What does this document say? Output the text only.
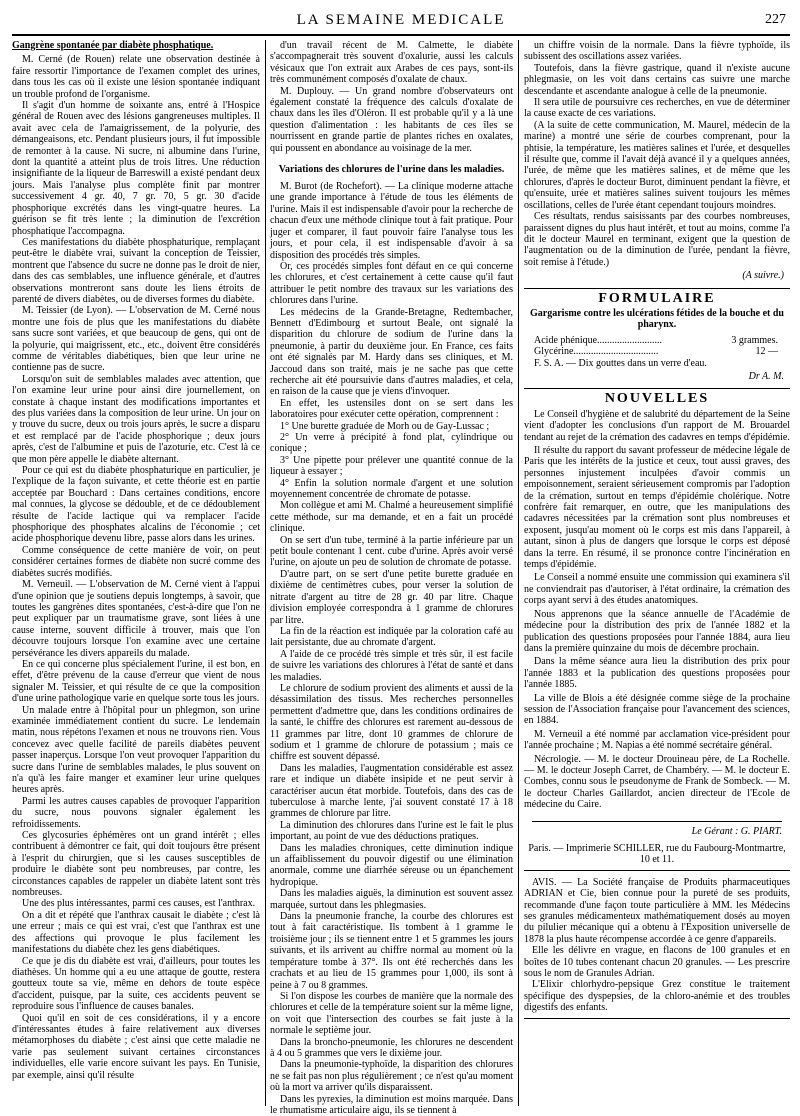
LA SEMAINE MEDICALE	227

Gangrène spontanée par diabète phosphatique.

M. Cerné (de Rouen) relate une observation destinée à faire ressortir l'importance de l'examen complet des urines, dans tous les cas où il existe une lésion spontanée indiquant un trouble profond de l'organisme.

Il s'agit d'un homme de soixante ans, entré à l'Hospice général de Rouen avec des lésions gangreneuses multiples. Il avait avec cela de l'amaigrissement, de la polyurie, des démangeaisons, etc. Pendant plusieurs jours, il fut impossible de remonter à la cause. Ni sucre, ni albumine dans l'urine, dont la quantité a atteint plus de trois litres. Une réduction insignifiante de la liqueur de Barreswill a existé pendant deux jours. Mais l'analyse plus complète finit par montrer successivement 4 gr. 40, 7 gr. 70, 5 gr. 30 d'acide phosphorique excrétés dans les vingt-quatre heures. La guérison se fit très lente ; la diminution de l'excrétion phosphatique l'accompagna.

Ces manifestations du diabète phosphaturique, remplaçant peut-être le diabète vrai, suivant la conception de Teissier, montrent que l'absence du sucre ne donne pas le droit de nier, dans des cas semblables, une influence générale, et d'autres observations montreront sans doute les liens étroits de parenté de divers diabètes, ou de diverses formes du diabète.

M. Teissier (de Lyon). — L'observation de M. Cerné nous montre une fois de plus que les manifestations du diabète sans sucre sont variées, et que beaucoup de gens, qui ont de la polyurie, qui maigrissent, etc., etc., doivent être considérés comme de véritables diabétiques, bien que leur urine ne contienne pas de sucre.

Lorsqu'on suit de semblables malades avec attention, que l'on examine leur urine pour ainsi dire journellement, on constate à chaque instant des modifications importantes et des plus variées dans la composition de leur urine. Un jour on y trouve du sucre, deux ou trois jours après, le sucre a disparu et est remplacé par de l'acide phosphorique ; deux jours après, c'est de l'albumine et puis de l'azoturie, etc. C'est là ce que mon père appelle le diabète alternant.

Pour ce qui est du diabète phosphaturique en particulier, je l'explique de la façon suivante, et cette théorie est en partie acceptée par Bouchard : Dans certaines conditions, encore mal connues, la glycose se dédouble, et de ce dédoublement résulte de l'acide lactique qui va remplacer l'acide phosphorique des phosphates alcalins de l'économie ; cet acide phosphorique devenu libre, passe alors dans les urines.

Comme conséquence de cette manière de voir, on peut considérer certaines formes de diabète non sucré comme des diabètes sucrés modifiés.

M. Verneuil. — L'observation de M. Cerné vient à l'appui d'une opinion que je soutiens depuis longtemps, à savoir, que toutes les gangrènes dites spontanées, c'est-à-dire que l'on ne peut expliquer par un traumatisme grave, sont liées à une cause interne, souvent difficile à trouver, mais que l'on découvre toujours lorsque l'on examine avec une certaine persévérance les divers appareils du malade.

En ce qui concerne plus spécialement l'urine, il est bon, en effet, d'être prévenu de la cause d'erreur que vient de nous signaler M. Teissier, et qui résulte de ce que la composition d'une urine pathologique varie en quelque sorte tous les jours.

Un malade entre à l'hôpital pour un phlegmon, son urine examinée immédiatement contient du sucre. Le lendemain matin, nous répétons l'examen et nous ne trouvons rien. Vous concevez avec quelle facilité de pareils diabètes peuvent passer inaperçus. Lorsque l'on veut provoquer l'apparition du sucre dans l'urine de semblables malades, le plus souvent on n'a qu'à les faire manger et examiner leur urine quelques heures après.

Parmi les autres causes capables de provoquer l'apparition du sucre, nous pouvons signaler également les refroidissements.

Ces glycosuries éphémères ont un grand intérêt ; elles contribuent à démontrer ce fait, qui doit toujours être présent à l'esprit du chirurgien, que si les causes susceptibles de produire le diabète sont peu nombreuses, par contre, les circonstances capables de rappeler un diabète latent sont très nombreuses.

Une des plus intéressantes, parmi ces causes, est l'anthrax.

On a dit et répété que l'anthrax causait le diabète ; c'est là une erreur ; mais ce qui est vrai, c'est que l'anthrax est une des affections qui provoque le plus facilement les manifestations du diabète chez les gens diabétiques.

Ce que je dis du diabète est vrai, d'ailleurs, pour toutes les diathèses. Un homme qui a eu une attaque de goutte, restera goutteux toute sa vie, même en dehors de toute espèce d'accident, puisque, par la suite, ces accidents peuvent se reproduire sous l'influence de causes banales.

Quoi qu'il en soit de ces considérations, il y a encore d'intéressantes études à faire relativement aux diverses métamorphoses du diabète ; c'est ainsi que cette maladie ne varie pas seulement suivant certaines circonstances individuelles, elle varie encore suivant les pays. En Tunisie, par exemple, ainsi qu'il résulte

d'un travail récent de M. Calmette, le diabète s'accompagnerait très souvent d'oxalurie, aussi les calculs vésicaux que l'on extrait aux Arabes de ces pays, sont-ils très communément composés d'oxalate de chaux.

M. Duplouy. — Un grand nombre d'observateurs ont également constaté la fréquence des calculs d'oxalate de chaux dans les îles d'Oléron. Il est probable qu'il y a là une question d'alimentation : les habitants de ces îles se nourrissent en grande partie de plantes riches en oxalates, qui poussent en abondance au voisinage de la mer.

Variations des chlorures de l'urine dans les maladies.

M. Burot (de Rochefort). — La clinique moderne attache une grande importance à l'étude de tous les éléments de l'urine. Mais il est indispensable d'avoir pour la recherche de chacun d'eux une méthode clinique tout à fait pratique. Pour juger et comparer, il faut pouvoir faire l'analyse tous les jours, et pour cela, il est indispensable d'avoir à sa disposition des procédés très simples.

Or, ces procédés simples font défaut en ce qui concerne les chlorures, et c'est certainement à cette cause qu'il faut attribuer le petit nombre des travaux sur les variations des chlorures dans l'urine.

Les médecins de la Grande-Bretagne, Redtembacher, Bennett d'Edimbourg et surtout Beale, ont signalé la disparition du chlorure de sodium de l'urine dans la pneumonie, à partir du deuxième jour. En France, ces faits ont été signalés par M. Hardy dans ses cliniques, et M. Jaccoud dans son traité, mais je ne sache pas que cette recherche ait été poursuivie dans d'autres maladies, et cela, en raison de la cause que je viens d'invoquer.

En effet, les ustensiles dont on se sert dans les laboratoires pour exécuter cette opération, comprennent :

1° Une burette graduée de Morh ou de Gay-Lussac ;

2° Un verre à précipité à fond plat, cylindrique ou conique ;

3° Une pipette pour prélever une quantité connue de la liqueur à essayer ;

4° Enfin la solution normale d'argent et une solution moyennement concentrée de chromate de potasse.

Mon collègue et ami M. Chalmé a heureusement simplifié cette méthode, sur ma demande, et en a fait un procédé clinique.

On se sert d'un tube, terminé à la partie inférieure par un petit boule contenant 1 cent. cube d'urine. Après avoir versé l'urine, on ajoute un peu de solution de chromate de potasse.

D'autre part, on se sert d'une petite burette graduée en dixième de centimètres cubes, pour verser la solution de nitrate d'argent au titre de 28 gr. 40 par litre. Chaque division employée correspondra à 1 gramme de chlorures par litre.

La fin de la réaction est indiquée par la coloration café au lait persistante, due au chromate d'argent.

A l'aide de ce procédé très simple et très sûr, il est facile de suivre les variations des chlorures à l'état de santé et dans les maladies.

Le chlorure de sodium provient des aliments et aussi de la désassimilation des tissus. Mes recherches personnelles permettent d'admettre que, dans les conditions ordinaires de la santé, le chiffre des chlorures est rarement au-dessous de 11 grammes par litre, dont 10 grammes de chlorure de sodium et 1 gramme de chlorure de potassium ; mais ce chiffre est souvent dépassé.

Dans les maladies, l'augmentation considérable est assez rare et indique un diabète insipide et ne peut servir à caractériser aucun état morbide. Toutefois, dans des cas de tuberculose à marche lente, j'ai souvent constaté 17 à 18 grammes de chlorure par litre.

La diminution des chlorures dans l'urine est le fait le plus important, au point de vue des déductions pratiques.

Dans les maladies chroniques, cette diminution indique un affaiblissement du pouvoir digestif ou une élimination anormale, comme une diarrhée séreuse ou un épanchement hydropique.

Dans les maladies aiguës, la diminution est souvent assez marquée, surtout dans les phlegmasies.

Dans la pneumonie franche, la courbe des chlorures est tout à fait caractéristique. Ils tombent à 1 gramme le troisième jour ; ils se tiennent entre 1 et 5 grammes les jours suivants, et ils arrivent au chiffre normal au moment où la température tombe à 37°. Ils ont été recherchés dans les crachats et au lieu de 15 grammes pour 1,000, ils sont à peine à 7 ou 8 grammes.

Si l'on dispose les courbes de manière que la normale des chlorures et celle de la température soient sur la même ligne, on voit que l'intersection des courbes se fait juste à la normale le septième jour.

Dans la broncho-pneumonie, les chlorures ne descendent à 4 ou 5 grammes que vers le dixième jour.

Dans la pneumonie-typhoïde, la disparition des chlorures ne se fait pas non plus régulièrement ; ce n'est qu'au moment où la mort va arriver qu'ils disparaissent.

Dans les pyrexies, la diminution est moins marquée. Dans le rhumatisme articulaire aigu, ils se tiennent à

un chiffre voisin de la normale. Dans la fièvre typhoïde, ils subissent des oscillations assez variées.

Toutefois, dans la fièvre gastrique, quand il n'existe aucune phlegmasie, on les voit dans certains cas suivre une marche descendante et ascendante analogue à celle de la pneumonie.

Il sera utile de poursuivre ces recherches, en vue de déterminer la cause exacte de ces variations.

(A la suite de cette communication, M. Maurel, médecin de la marine) a montré une série de courbes comprenant, pour la phtisie, la température, les matières salines et l'urée, et desquelles il résulte que, comme il l'avait déjà avancé il y a quelques années, l'urée, de même que les matières salines, et de même que les chlorures, d'après le docteur Burot, diminuent pendant la fièvre, et qu'ensuite, urée et matières salines suivent toujours les mêmes oscillations, celles de l'urée étant cependant toujours moindres.

Ces résultats, rendus saisissants par des courbes nombreuses, paraissent dignes du plus haut intérêt, et tout au moins, comme l'a dit le docteur Maurel en terminant, exigent que la question de l'augmentation ou de la diminution de l'urée, pendant la fièvre, soit remise à l'étude.)

(A suivre.)
FORMULAIRE
Gargarisme contre les ulcérations fétides de la bouche et du pharynx.
Acide phénique..........................	3 grammes.
Glycérine..................................	12 —

F. S. A. — Dix gouttes dans un verre d'eau.

Dr A. M.
NOUVELLES

Le Conseil d'hygiène et de salubrité du département de la Seine vient d'adopter les conclusions d'un rapport de M. Brouardel tendant au rejet de la crémation des cadavres en temps d'épidémie.

Il résulte du rapport du savant professeur de médecine légale de Paris que les intérêts de la justice et ceux, tout aussi graves, des personnes injustement inculpées d'avoir commis un empoisonnement, seraient sérieusement compromis par l'adoption de la crémation, surtout en temps d'épidémie cholérique. Notre confrère fait remarquer, en outre, que les manipulations des cadavres nécessitées par la crémation sont plus nombreuses et exposent, jusqu'au moment où le corps est mis dans l'appareil, à autant, sinon à plus de dangers que lorsque le corps est déposé dans la terre. En résumé, il se prononce contre l'incinération en temps d'épidémie.

Le Conseil a nommé ensuite une commission qui examinera s'il ne conviendrait pas d'autoriser, à l'état ordinaire, la crémation des corps ayant servi à des études anatomiques.

Nous apprenons que la séance annuelle de l'Académie de médecine pour la distribution des prix de l'année 1882 et la publication des questions proposées pour l'année 1884, aura lieu dans la première quinzaine du mois de décembre prochain.

Dans la même séance aura lieu la distribution des prix pour l'année 1883 et la publication des questions proposées pour l'année 1885.

La ville de Blois a été désignée comme siège de la prochaine session de l'Association française pour l'avancement des sciences, en 1884.

M. Verneuil a été nommé par acclamation vice-président pour l'année prochaine ; M. Napias a été nommé secrétaire général.

Nécrologie. — M. le docteur Drouineau père, de La Rochelle. — M. le docteur Joseph Carret, de Chambéry. — M. le docteur E. Combes, connu sous le pseudonyme de Frank de Sombeck. — M. le docteur Charles Gaillardot, ancien directeur de l'Ecole de médecine du Caire.

Le Gérant : G. PIART.
Paris. — Imprimerie SCHILLER, rue du Faubourg-Montmartre, 10 et 11.

AVIS. — La Société française de Produits pharmaceutiques ADRIAN et Cie, bien connue pour la pureté de ses produits, recommande d'une façon toute particulière à MM. les Médecins ses granules médicamenteux mathématiquement dosés au moyen du pilulier mécanique qui a obtenu à l'Exposition universelle de 1878 la plus haute récompense accordée à ce genre d'appareils.

Elle les délivre en vrague, en flacons de 100 granules et en boîtes de 10 tubes contenant chacun 20 granules. — Les prescrire sous le nom de Granules Adrian.

L'Elixir chlorhydro-pepsique Grez constitue le traitement spécifique des dyspepsies, de la chloro-anémie et des troubles digestifs des enfants.
